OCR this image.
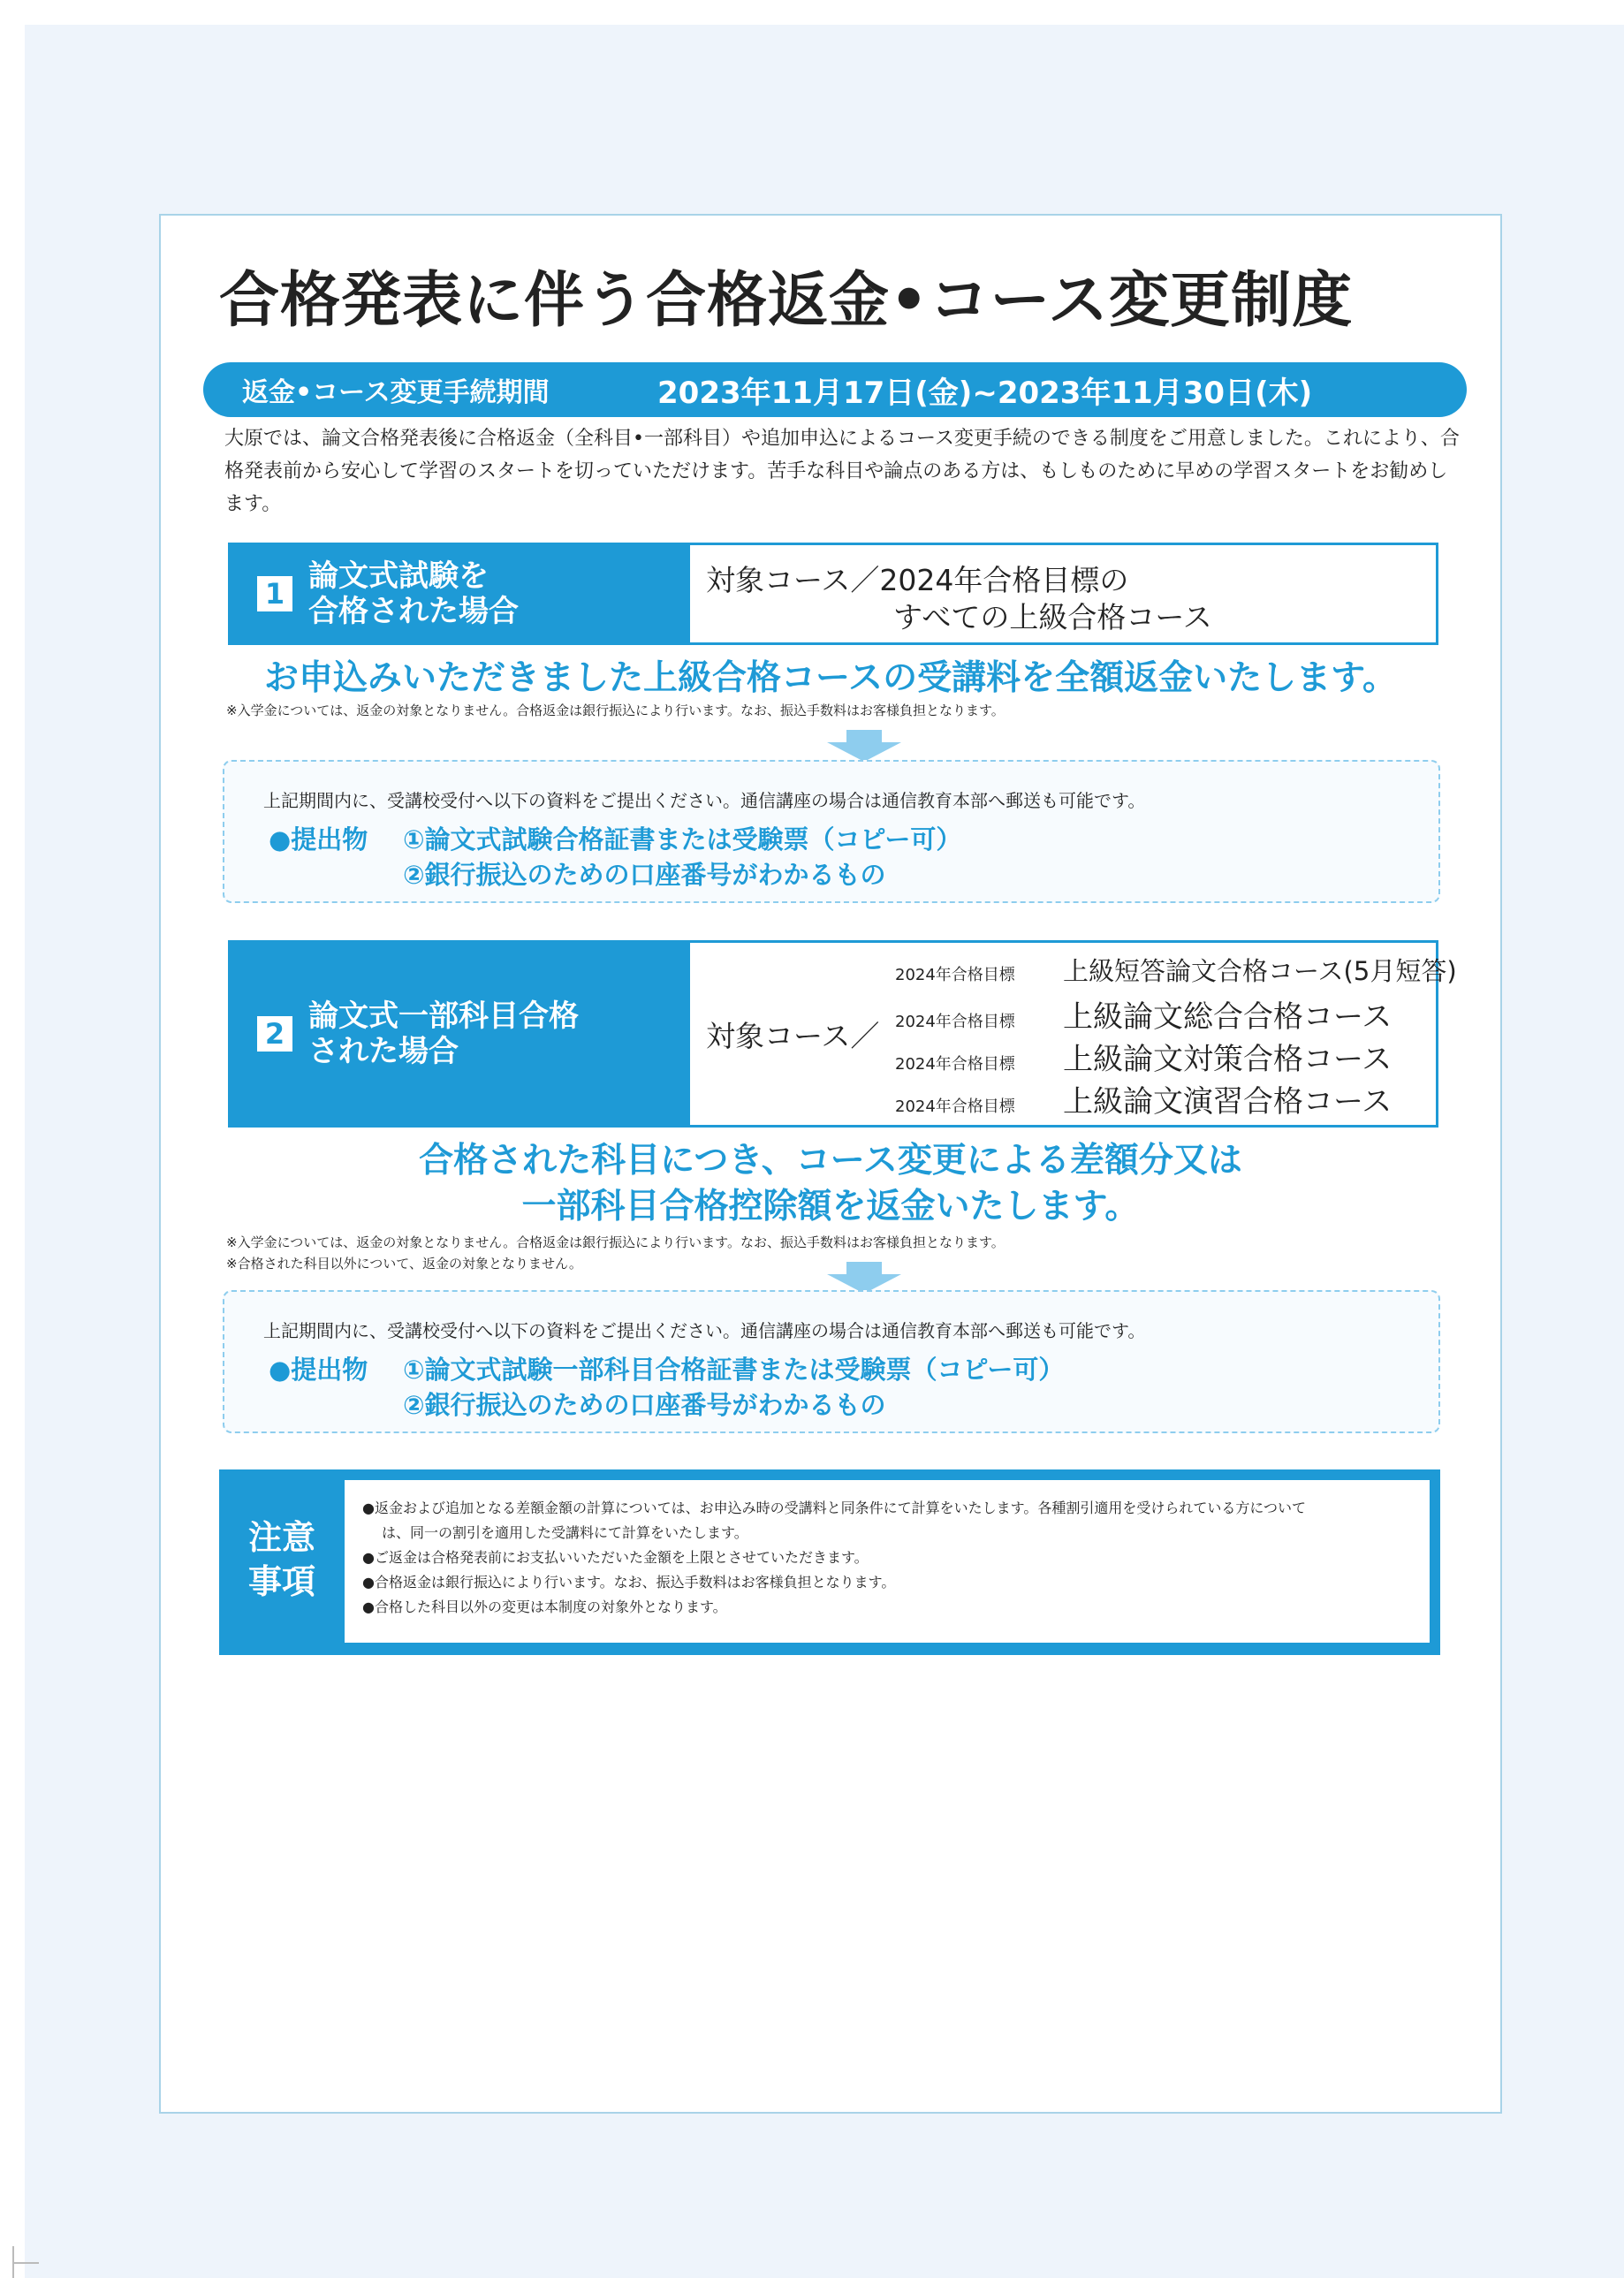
合格発表に伴う合格返金•コース変更制度
返金•コース変更手続期間	2023年11月17日(金)~2023年11月30日(木)
大原では、論文合格発表後に合格返金（全科目•一部科目）や追加申込によるコース変更手続のできる制度をご用意しました。これにより、合格発表前から安心して学習のスタートを切っていただけます。苦手な科目や論点のある方は、もしものために早めの学習スタートをお勧めします。
1 論文式試験を
合格された場合
対象コース／2024年合格目標の
すべての上級合格コース
お申込みいただきました上級合格コースの受講料を全額返金いたします。
※入学金については、返金の対象となりません。合格返金は銀行振込により行います。なお、振込手数料はお客様負担となります。
上記期間内に、受講校受付へ以下の資料をご提出ください。通信講座の場合は通信教育本部へ郵送も可能です。
●提出物 ①論文式試験合格証書または受験票（コピー可）
②銀行振込のための口座番号がわかるもの
2 論文式一部科目合格
された場合	対象コース／
2024年合格目標	上級短答論文合格コース(5月短答)
2024年合格目標	上級論文総合合格コース
2024年合格目標	上級論文対策合格コース
2024年合格目標	上級論文演習合格コース
合格された科目につき、コース変更による差額分又は
一部科目合格控除額を返金いたします。
※入学金については、返金の対象となりません。合格返金は銀行振込により行います。なお、振込手数料はお客様負担となります。
※合格された科目以外について、返金の対象となりません。
上記期間内に、受講校受付へ以下の資料をご提出ください。通信講座の場合は通信教育本部へ郵送も可能です。
●提出物 ①論文式試験一部科目合格証書または受験票（コピー可）
②銀行振込のための口座番号がわかるもの
注意
事項
●返金および追加となる差額金額の計算については、お申込み時の受講料と同条件にて計算をいたします。各種割引適用を受けられている方について
は、同一の割引を適用した受講料にて計算をいたします。
●ご返金は合格発表前にお支払いいただいた金額を上限とさせていただきます。
●合格返金は銀行振込により行います。なお、振込手数料はお客様負担となります。
●合格した科目以外の変更は本制度の対象外となります。
